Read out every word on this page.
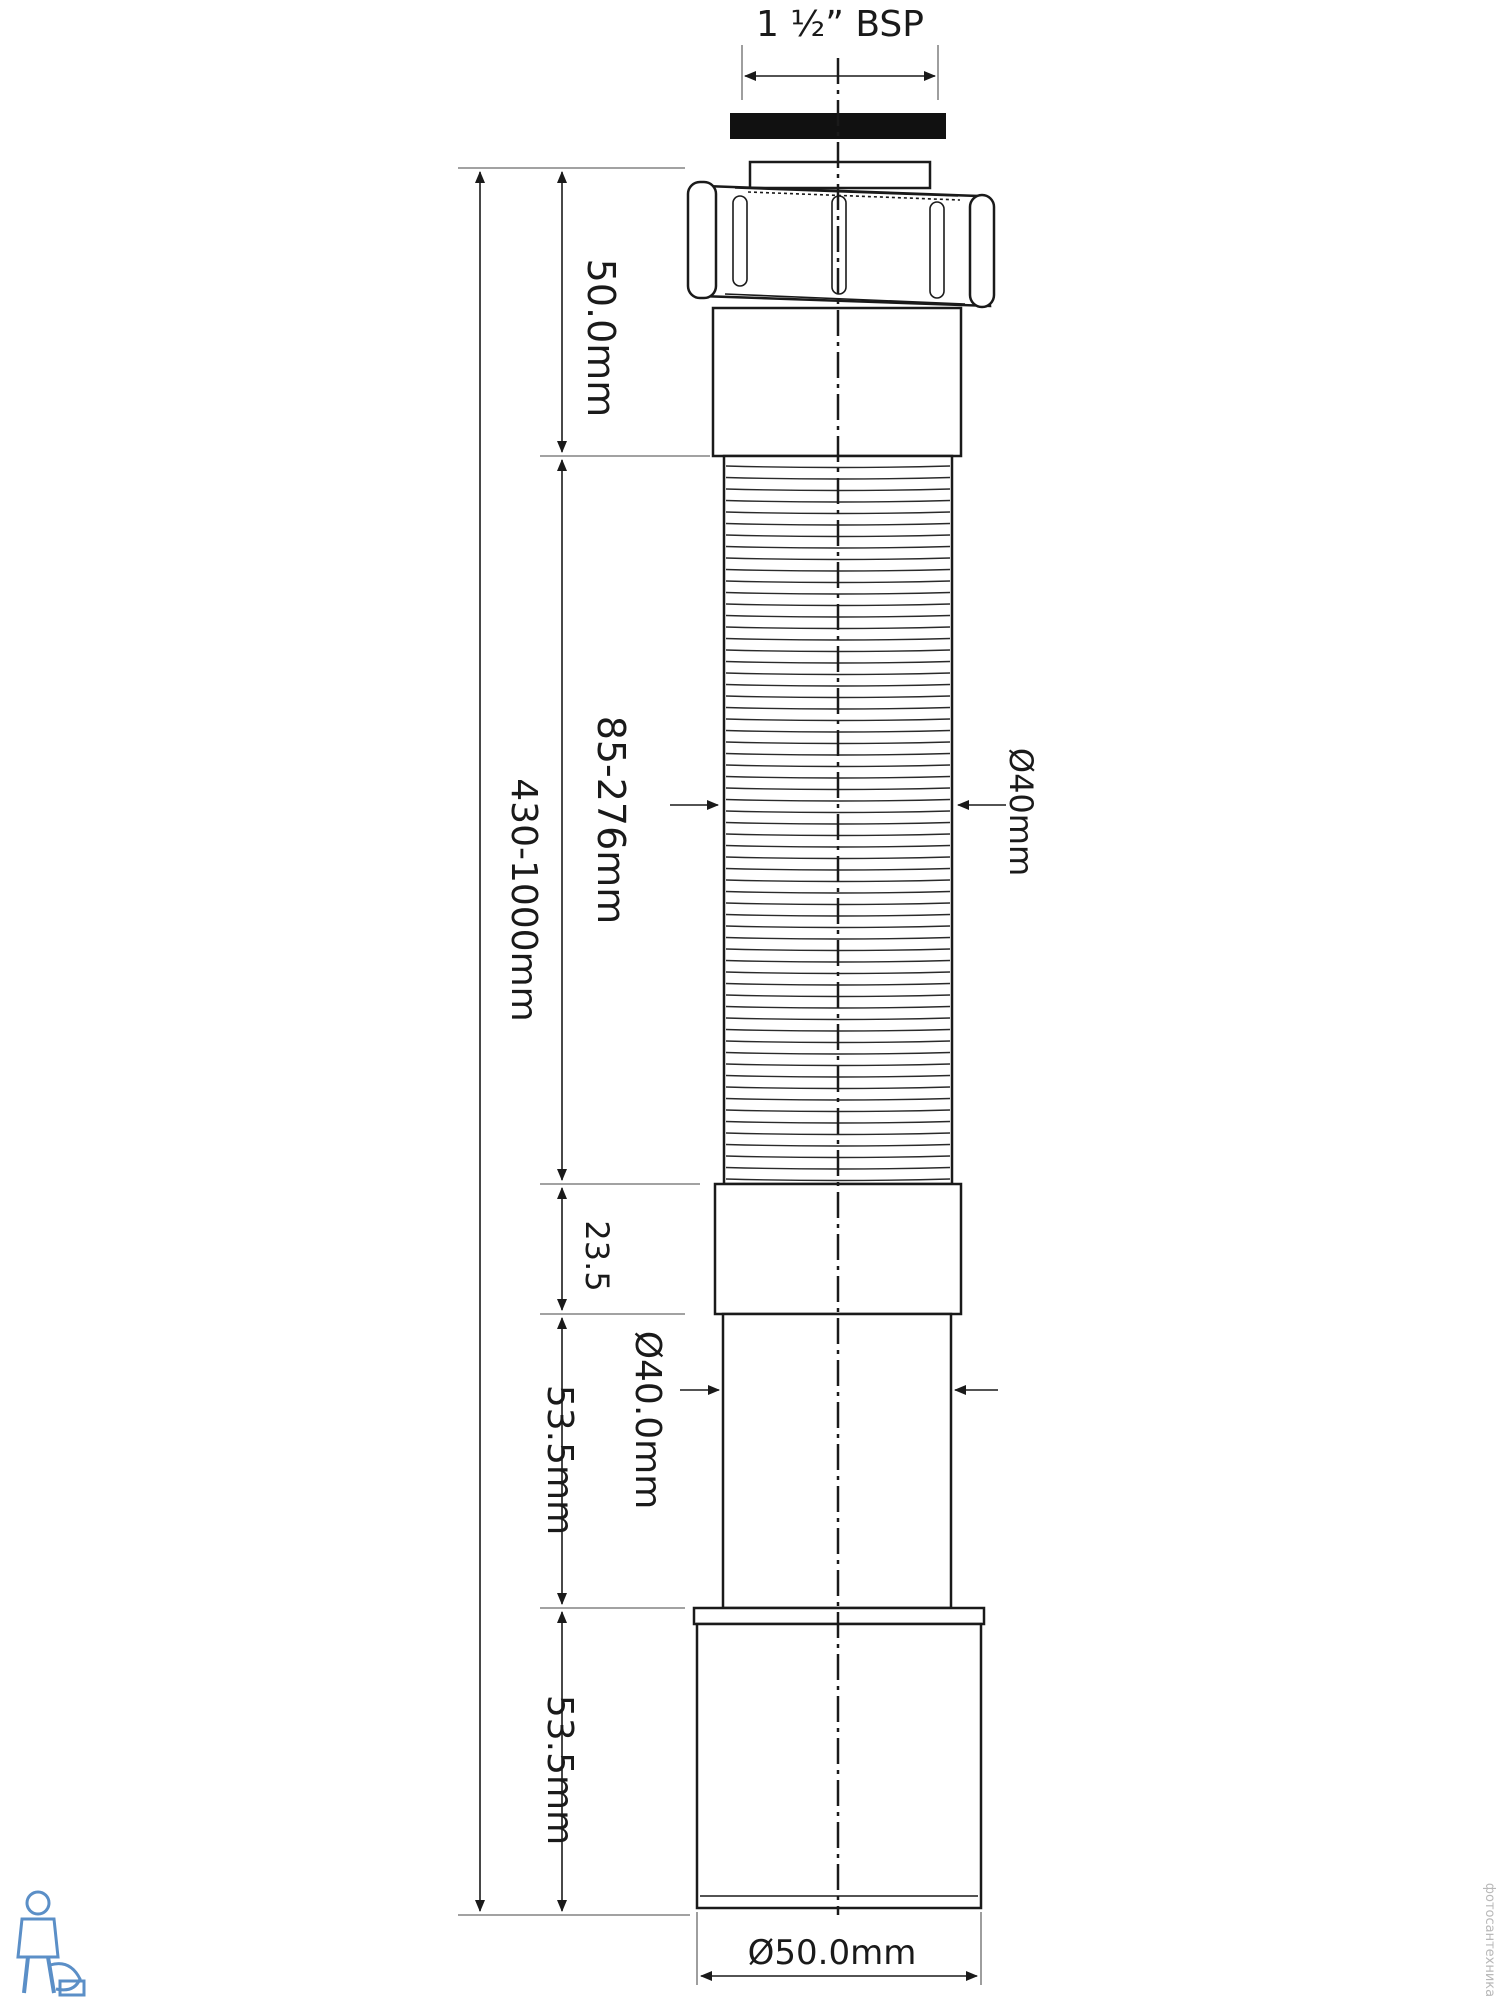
1 ½” BSP
430-1000mm
50.0mm
85-276mm
23.5
53.5mm
53.5mm
Ø40mm
Ø40.0mm
Ø50.0mm	фотосантехника
